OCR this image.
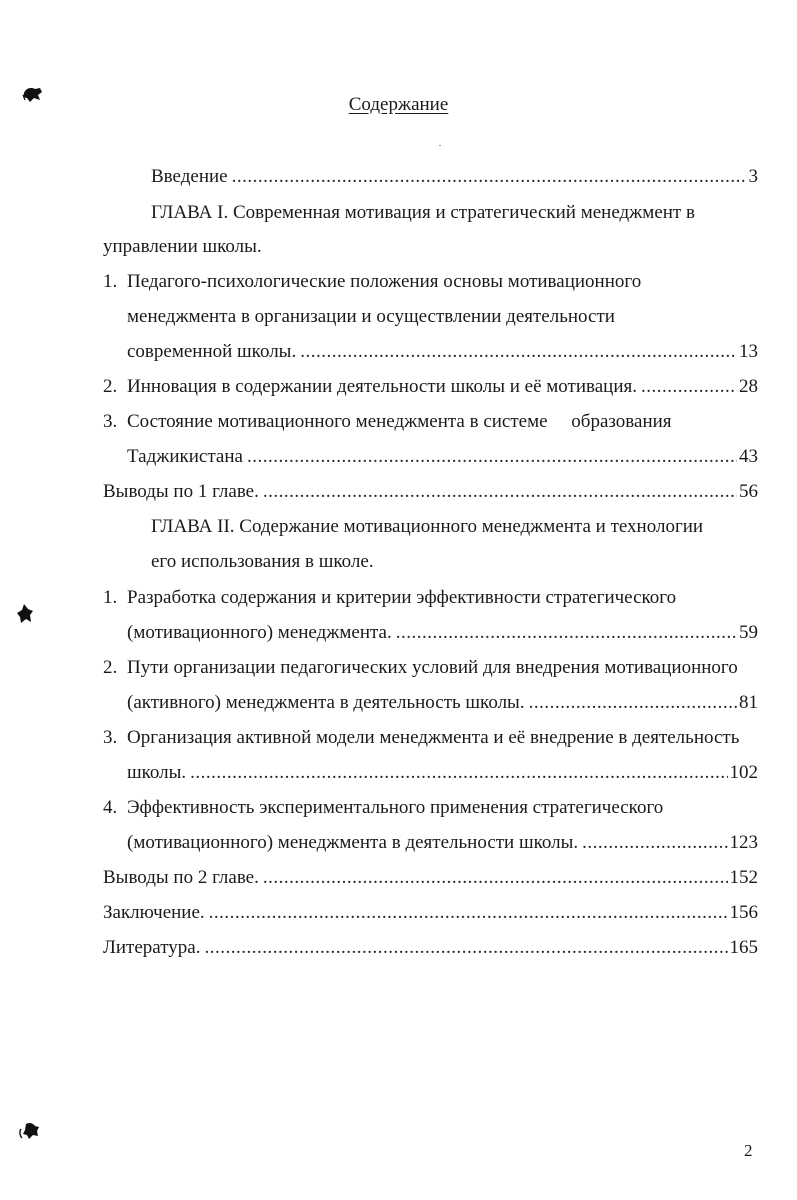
Содержание
Введение .....	3
ГЛАВА I. Современная мотивация и стратегический менеджмент в
управлении школы.
1. Педагого-психологические положения основы мотивационного
менеджмента в организации и осуществлении деятельности
современной школы. .....	13
2. Инновация в содержании деятельности школы и её мотивация. .....	28
3. Состояние мотивационного менеджмента в системе     образования
Таджикистана .....	43
Выводы по 1 главе. .....	56
ГЛАВА II. Содержание мотивационного менеджмента и технологии
его использования в школе.
1. Разработка содержания и критерии эффективности стратегического
(мотивационного) менеджмента. .....	59
2. Пути организации педагогических условий для внедрения мотивационного
(активного) менеджмента в деятельность школы. .....	81
3. Организация активной модели менеджмента и её внедрение в деятельность
школы. .....	102
4. Эффективность экспериментального применения стратегического
(мотивационного) менеджмента в деятельности школы. .....	123
Выводы по 2 главе. .....	152
Заключение. .....	156
Литература. .....	165
2
